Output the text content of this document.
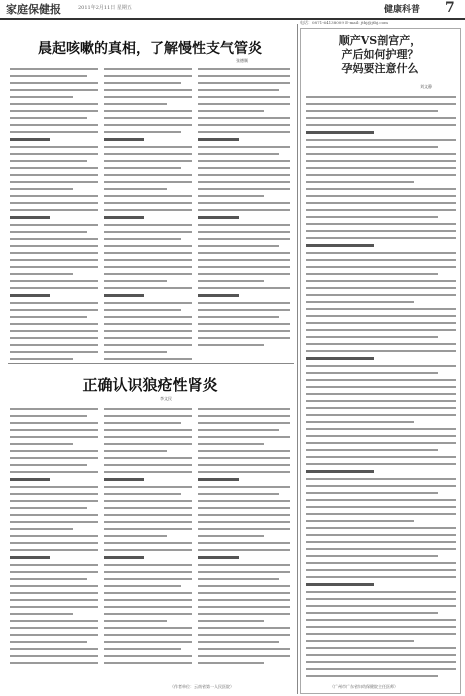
家庭保健报	2011年2月11日 星期五	健康科普 7
电话：0871-64138009 E-mail: jtbj@jtbj.com
晨起咳嗽的真相，了解慢性支气管炎
张德顺
正确认识狼疮性肾炎
李文民
（作者单位：云南省第一人民医院）
顺产VS剖宫产，
产后如何护理？
孕妈要注意什么
刘文静
（广州市广东省妇幼保健院主任医师）
